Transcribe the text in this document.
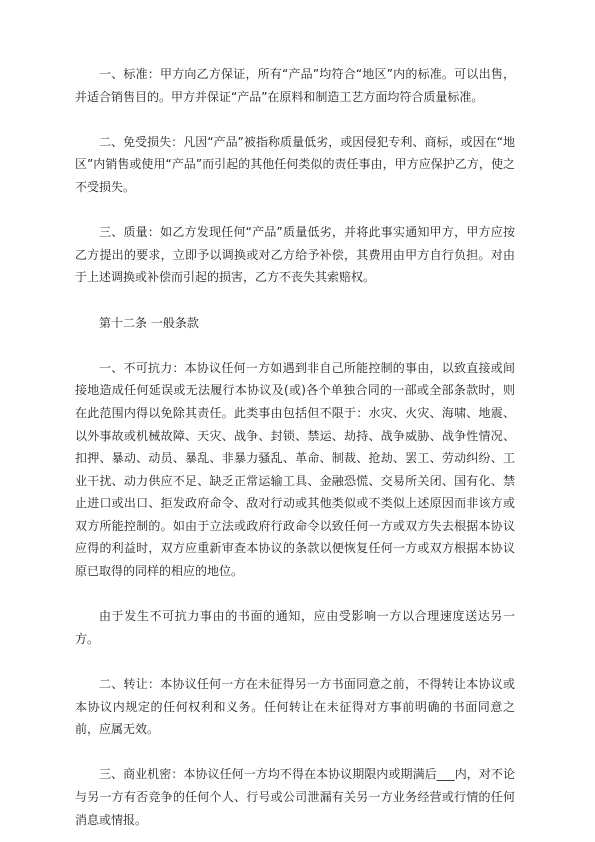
一、标准：甲方向乙方保证，所有“产品”均符合“地区”内的标准。可以出售，并适合销售目的。甲方并保证“产品”在原料和制造工艺方面均符合质量标准。

二、免受损失：凡因“产品”被指称质量低劣，或因侵犯专利、商标，或因在“地区”内销售或使用“产品”而引起的其他任何类似的责任事由，甲方应保护乙方，使之不受损失。

三、质量：如乙方发现任何“产品”质量低劣，并将此事实通知甲方，甲方应按乙方提出的要求，立即予以调换或对乙方给予补偿，其费用由甲方自行负担。对由于上述调换或补偿而引起的损害，乙方不丧失其索赔权。

第十二条 一般条款

一、不可抗力：本协议任何一方如遇到非自己所能控制的事由，以致直接或间接地造成任何延误或无法履行本协议及(或)各个单独合同的一部或全部条款时，则在此范围内得以免除其责任。此类事由包括但不限于：水灾、火灾、海啸、地震、以外事故或机械故障、天灾、战争、封锁、禁运、劫持、战争威胁、战争性情况、扣押、暴动、动员、暴乱、非暴力骚乱、革命、制裁、抢劫、罢工、劳动纠纷、工业干扰、动力供应不足、缺乏正常运输工具、金融恐慌、交易所关闭、国有化、禁止进口或出口、拒发政府命令、敌对行动或其他类似或不类似上述原因而非该方或双方所能控制的。如由于立法或政府行政命令以致任何一方或双方失去根据本协议应得的利益时，双方应重新审查本协议的条款以便恢复任何一方或双方根据本协议原已取得的同样的相应的地位。

由于发生不可抗力事由的书面的通知，应由受影响一方以合理速度送达另一方。

二、转让：本协议任何一方在未征得另一方书面同意之前，不得转让本协议或本协议内规定的任何权利和义务。任何转让在未征得对方事前明确的书面同意之前，应属无效。

三、商业机密：本协议任何一方均不得在本协议期限内或期满后___内，对不论与另一方有否竞争的任何个人、行号或公司泄漏有关另一方业务经营或行情的任何消息或情报。
